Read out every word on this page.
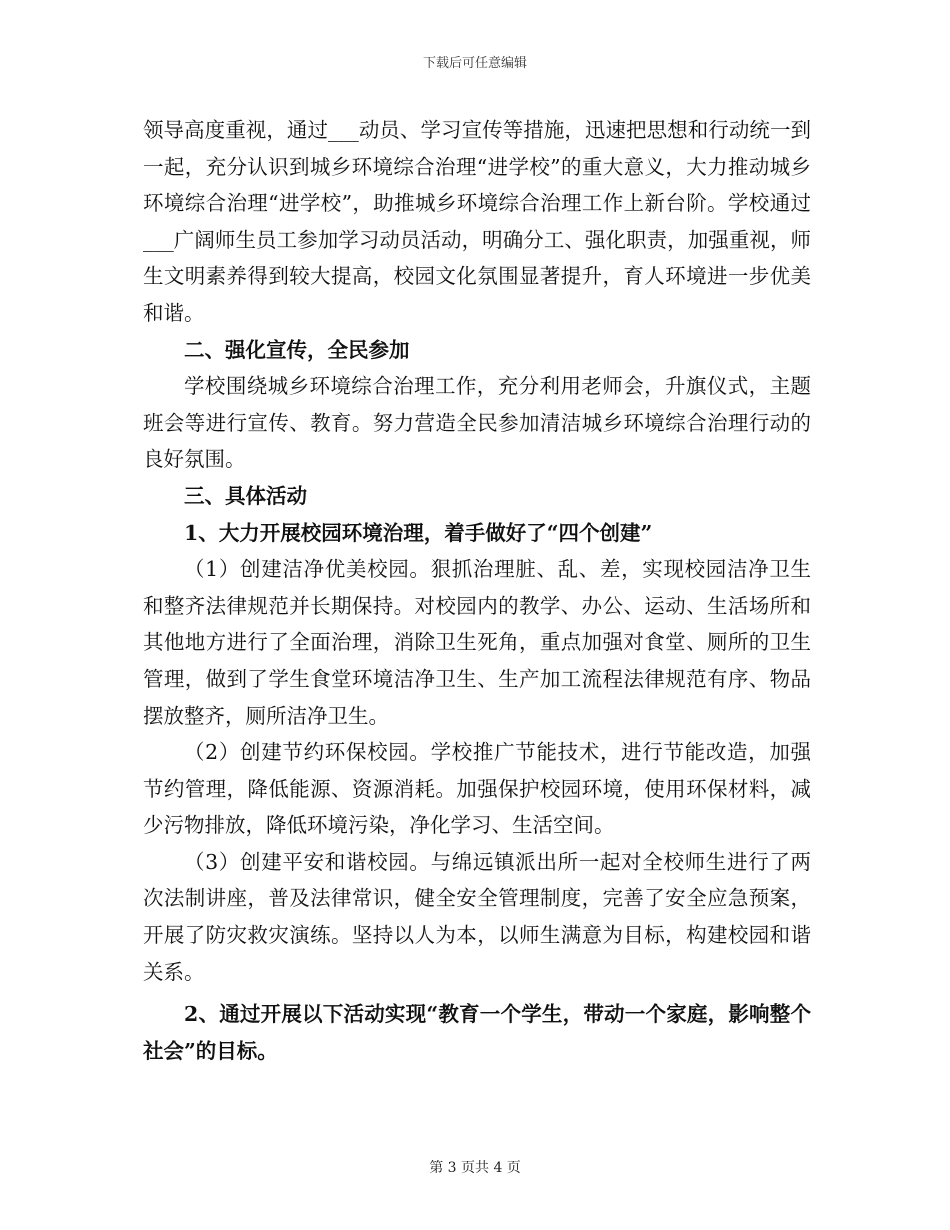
下载后可任意编辑

领导高度重视，通过___动员、学习宣传等措施，迅速把思想和行动统一到一起，充分认识到城乡环境综合治理“进学校”的重大意义，大力推动城乡环境综合治理“进学校”，助推城乡环境综合治理工作上新台阶。学校通过___广阔师生员工参加学习动员活动，明确分工、强化职责，加强重视，师生文明素养得到较大提高，校园文化氛围显著提升，育人环境进一步优美和谐。

二、强化宣传，全民参加

学校围绕城乡环境综合治理工作，充分利用老师会，升旗仪式，主题班会等进行宣传、教育。努力营造全民参加清洁城乡环境综合治理行动的良好氛围。

三、具体活动

1、大力开展校园环境治理，着手做好了“四个创建”

（1）创建洁净优美校园。狠抓治理脏、乱、差，实现校园洁净卫生和整齐法律规范并长期保持。对校园内的教学、办公、运动、生活场所和其他地方进行了全面治理，消除卫生死角，重点加强对食堂、厕所的卫生管理，做到了学生食堂环境洁净卫生、生产加工流程法律规范有序、物品摆放整齐，厕所洁净卫生。

（2）创建节约环保校园。学校推广节能技术，进行节能改造，加强节约管理，降低能源、资源消耗。加强保护校园环境，使用环保材料，减少污物排放，降低环境污染，净化学习、生活空间。

（3）创建平安和谐校园。与绵远镇派出所一起对全校师生进行了两次法制讲座，普及法律常识，健全安全管理制度，完善了安全应急预案，开展了防灾救灾演练。坚持以人为本，以师生满意为目标，构建校园和谐关系。

2、通过开展以下活动实现“教育一个学生，带动一个家庭，影响整个社会”的目标。

第 3 页共 4 页
